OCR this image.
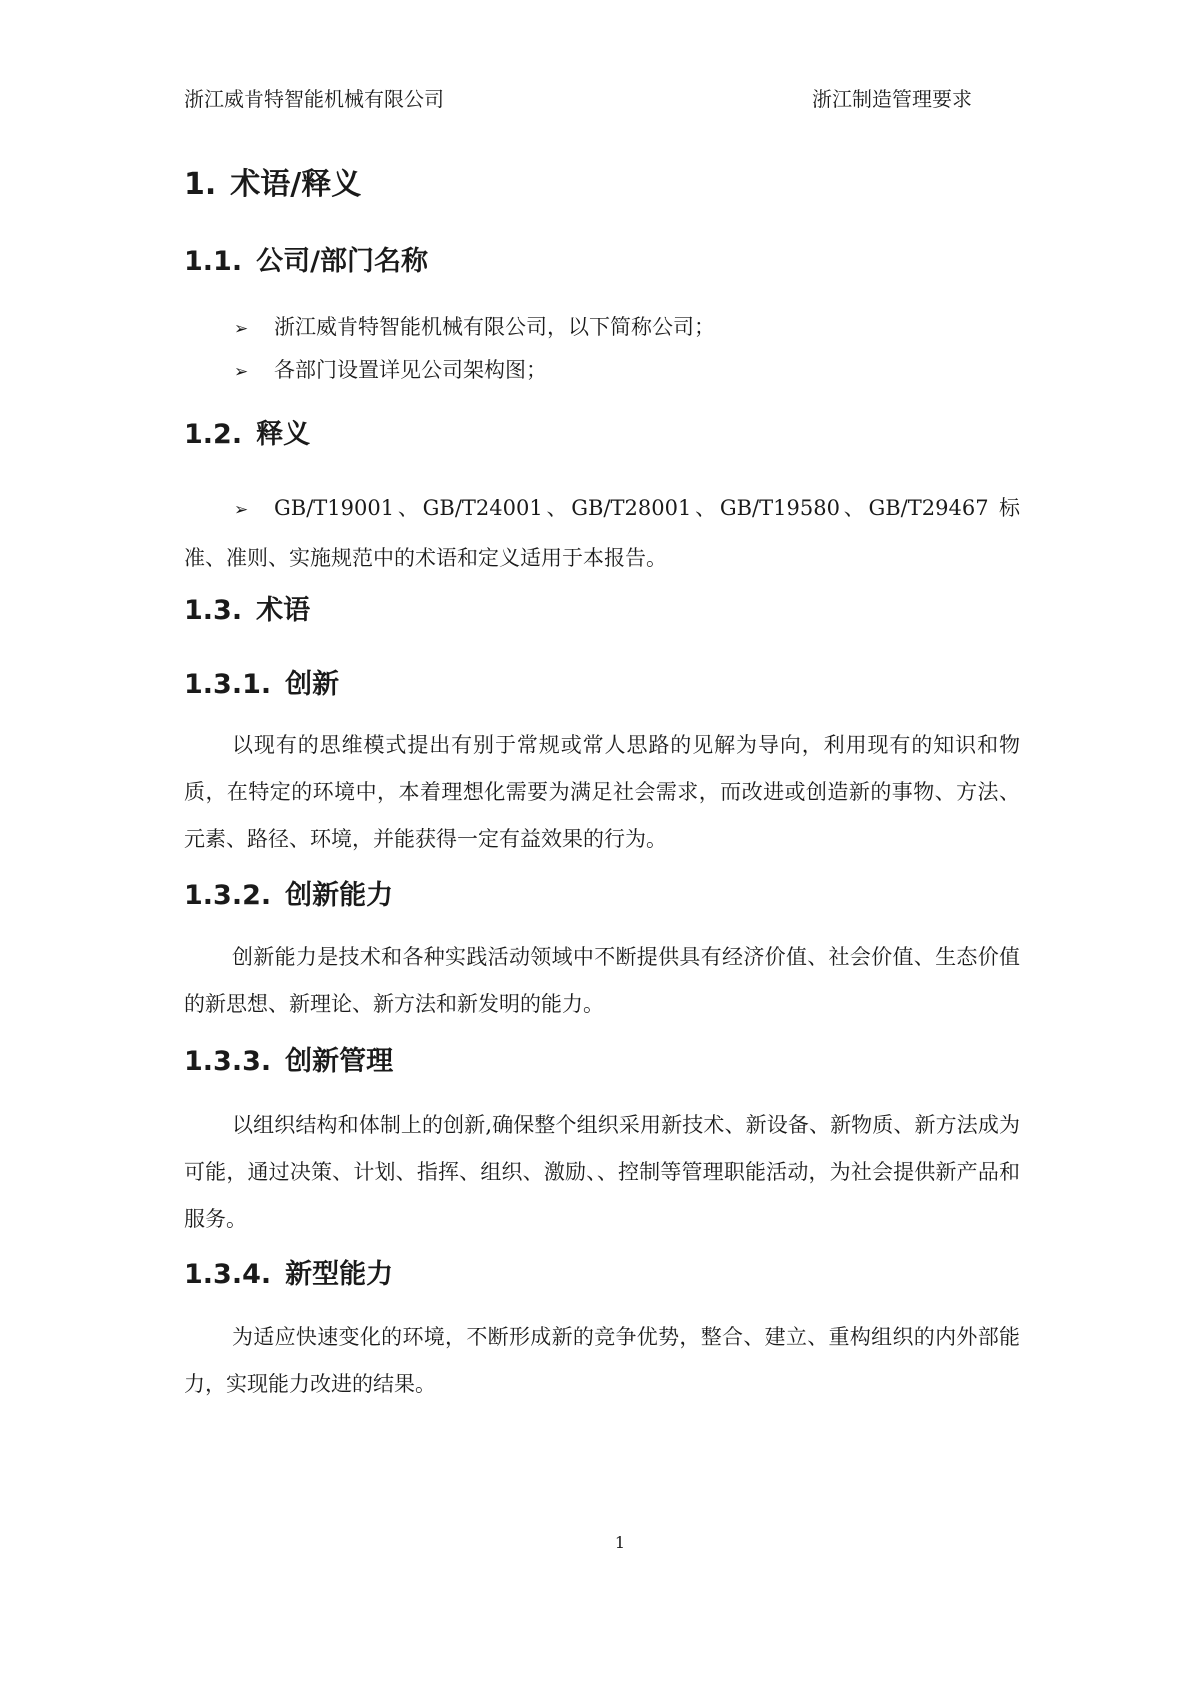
浙江威肯特智能机械有限公司	浙江制造管理要求
1. 术语/释义
1.1. 公司/部门名称
➢ 浙江威肯特智能机械有限公司，以下简称公司；
➢ 各部门设置详见公司架构图；
1.2. 释义

➢ GB/T19001、GB/T24001、GB/T28001、GB/T19580、GB/T29467 标准、准则、实施规范中的术语和定义适用于本报告。

1.3. 术语
1.3.1. 创新

以现有的思维模式提出有别于常规或常人思路的见解为导向，利用现有的知识和物质，在特定的环境中，本着理想化需要为满足社会需求，而改进或创造新的事物、方法、元素、路径、环境，并能获得一定有益效果的行为。

1.3.2. 创新能力

创新能力是技术和各种实践活动领域中不断提供具有经济价值、社会价值、生态价值的新思想、新理论、新方法和新发明的能力。

1.3.3. 创新管理

以组织结构和体制上的创新,确保整个组织采用新技术、新设备、新物质、新方法成为可能，通过决策、计划、指挥、组织、激励、、控制等管理职能活动，为社会提供新产品和服务。

1.3.4. 新型能力

为适应快速变化的环境，不断形成新的竞争优势，整合、建立、重构组织的内外部能力，实现能力改进的结果。

1
